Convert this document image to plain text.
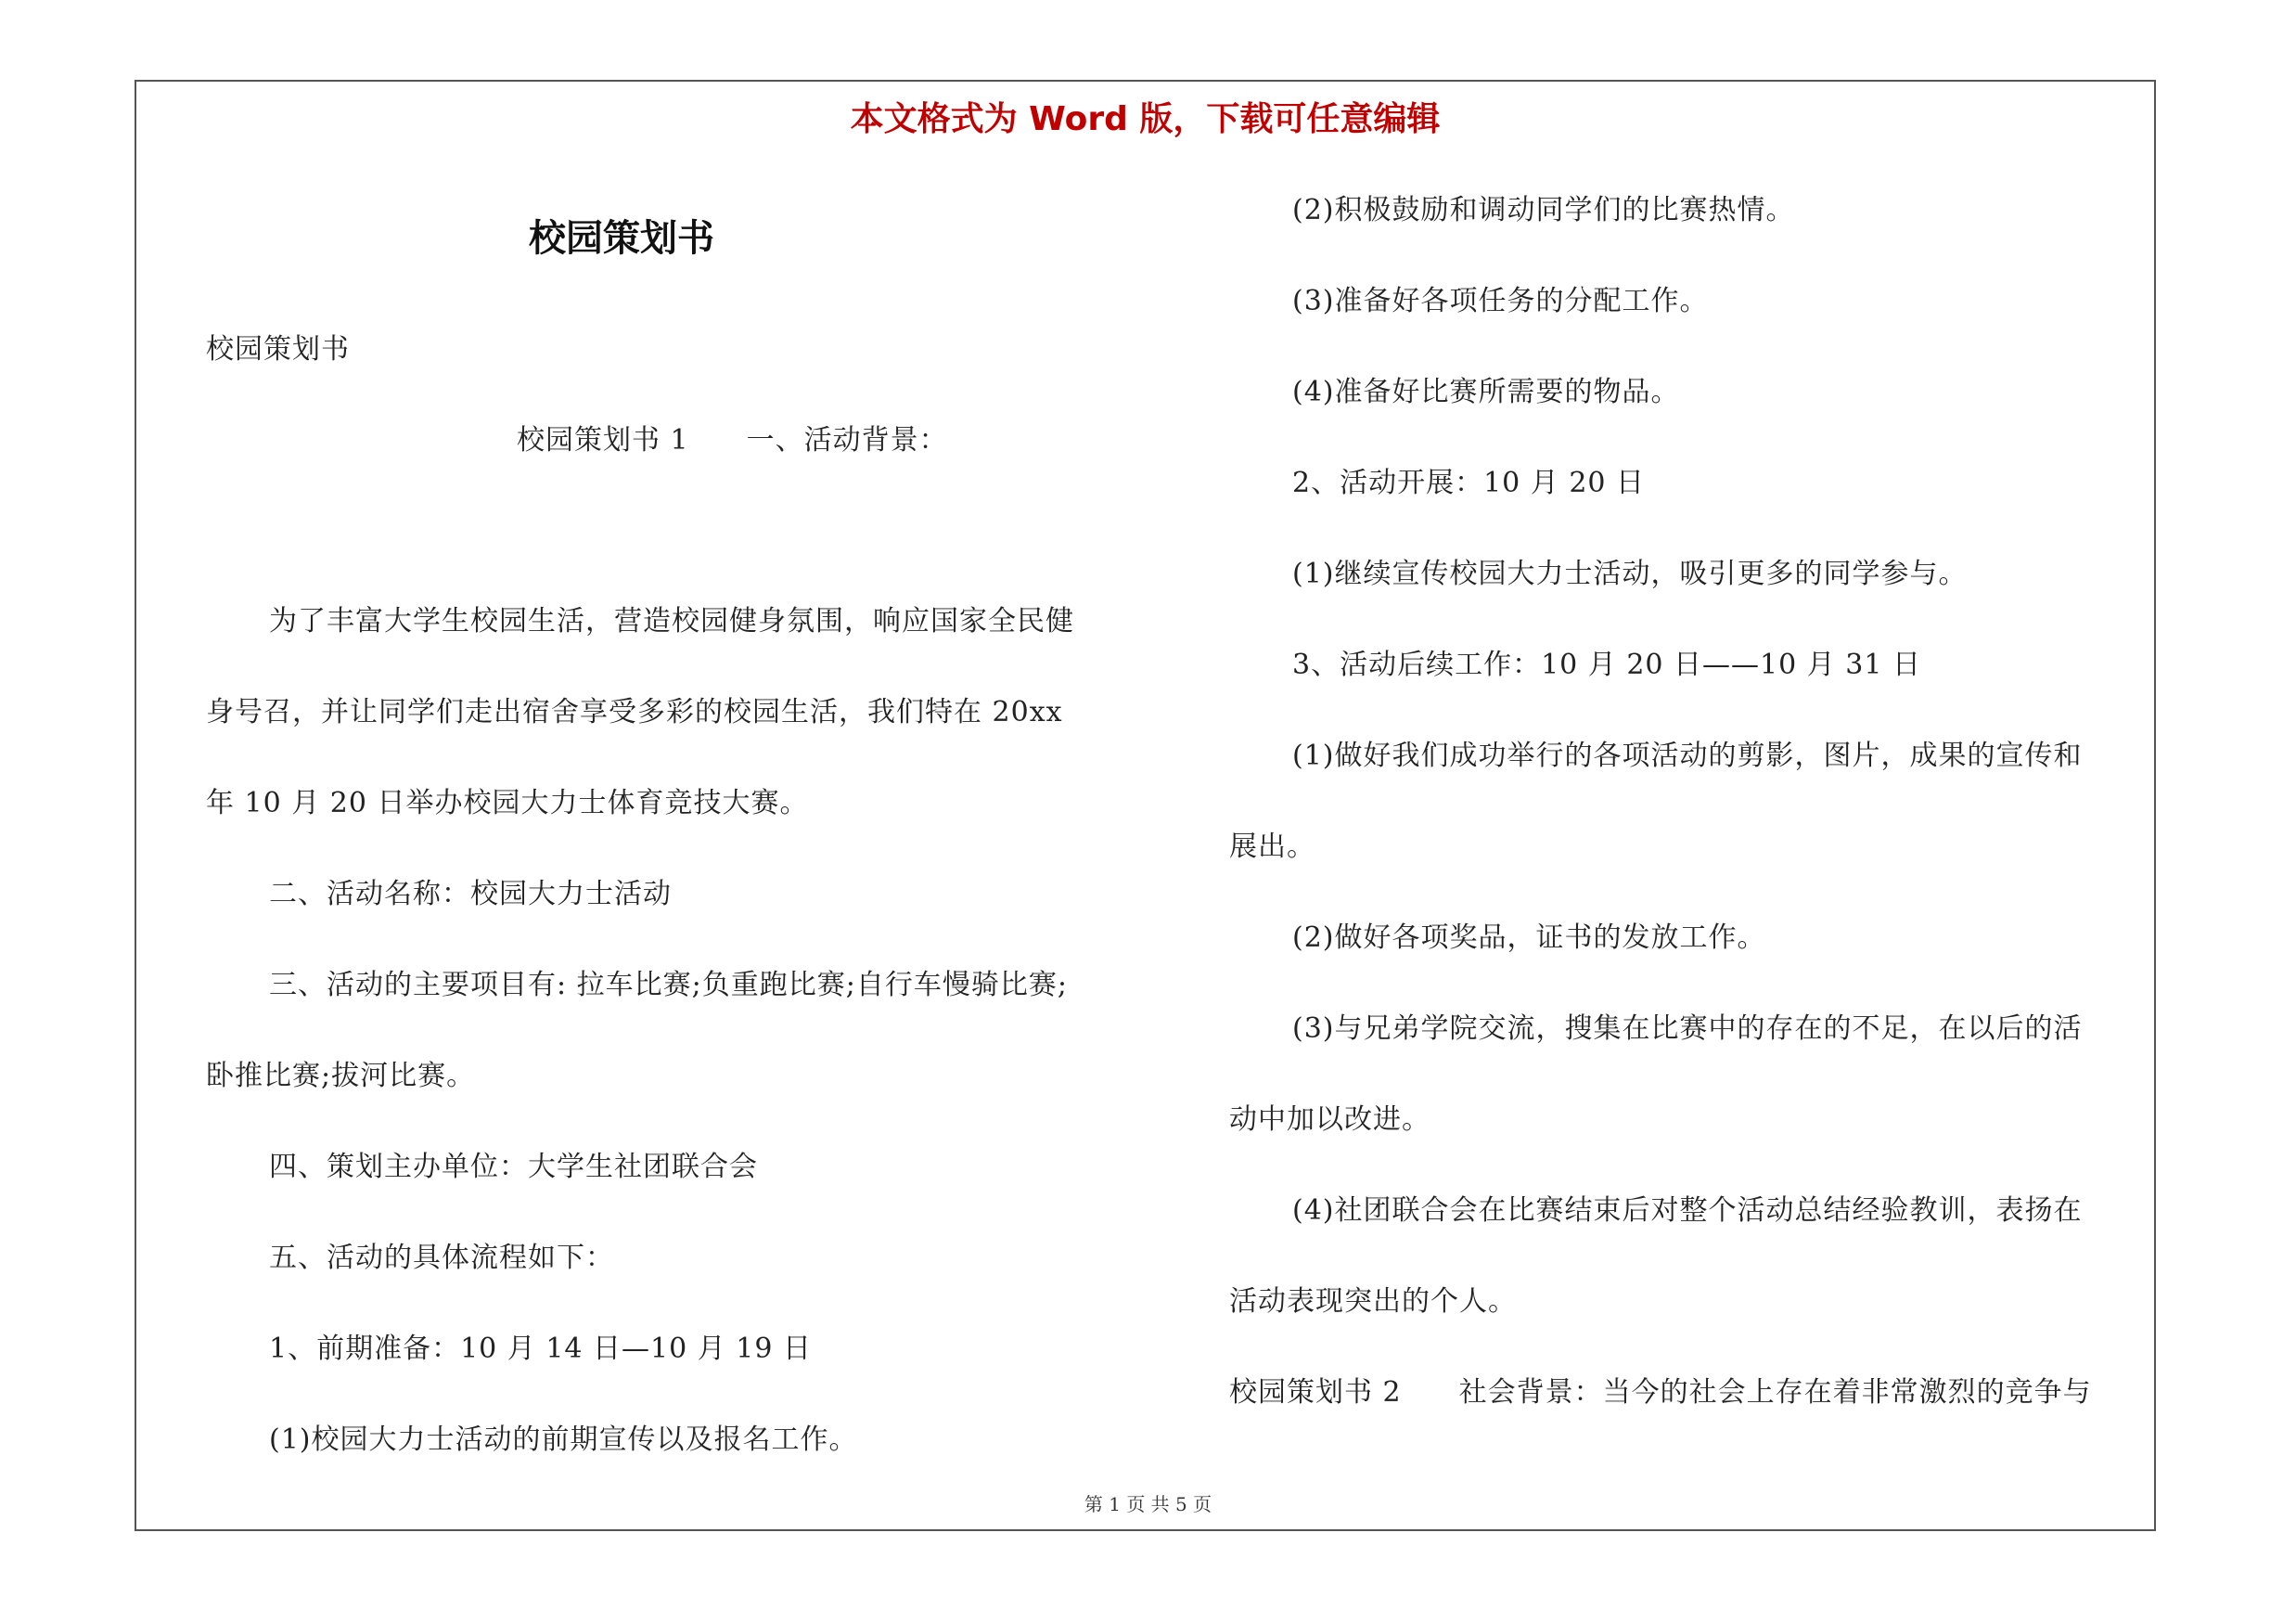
本文格式为 Word 版，下载可任意编辑
校园策划书
校园策划书
校园策划书 1　　一、活动背景：
为了丰富大学生校园生活，营造校园健身氛围，响应国家全民健
身号召，并让同学们走出宿舍享受多彩的校园生活，我们特在 20xx
年 10 月 20 日举办校园大力士体育竞技大赛。
二、活动名称：校园大力士活动
三、活动的主要项目有: 拉车比赛;负重跑比赛;自行车慢骑比赛;
卧推比赛;拔河比赛。
四、策划主办单位：大学生社团联合会
五、活动的具体流程如下：
1、前期准备：10 月 14 日—10 月 19 日
(1)校园大力士活动的前期宣传以及报名工作。
(2)积极鼓励和调动同学们的比赛热情。
(3)准备好各项任务的分配工作。
(4)准备好比赛所需要的物品。
2、活动开展：10 月 20 日
(1)继续宣传校园大力士活动，吸引更多的同学参与。
3、活动后续工作：10 月 20 日——10 月 31 日
(1)做好我们成功举行的各项活动的剪影，图片，成果的宣传和
展出。
(2)做好各项奖品，证书的发放工作。
(3)与兄弟学院交流，搜集在比赛中的存在的不足，在以后的活
动中加以改进。
(4)社团联合会在比赛结束后对整个活动总结经验教训，表扬在
活动表现突出的个人。
校园策划书 2　　社会背景：当今的社会上存在着非常激烈的竞争与
第 1 页 共 5 页
